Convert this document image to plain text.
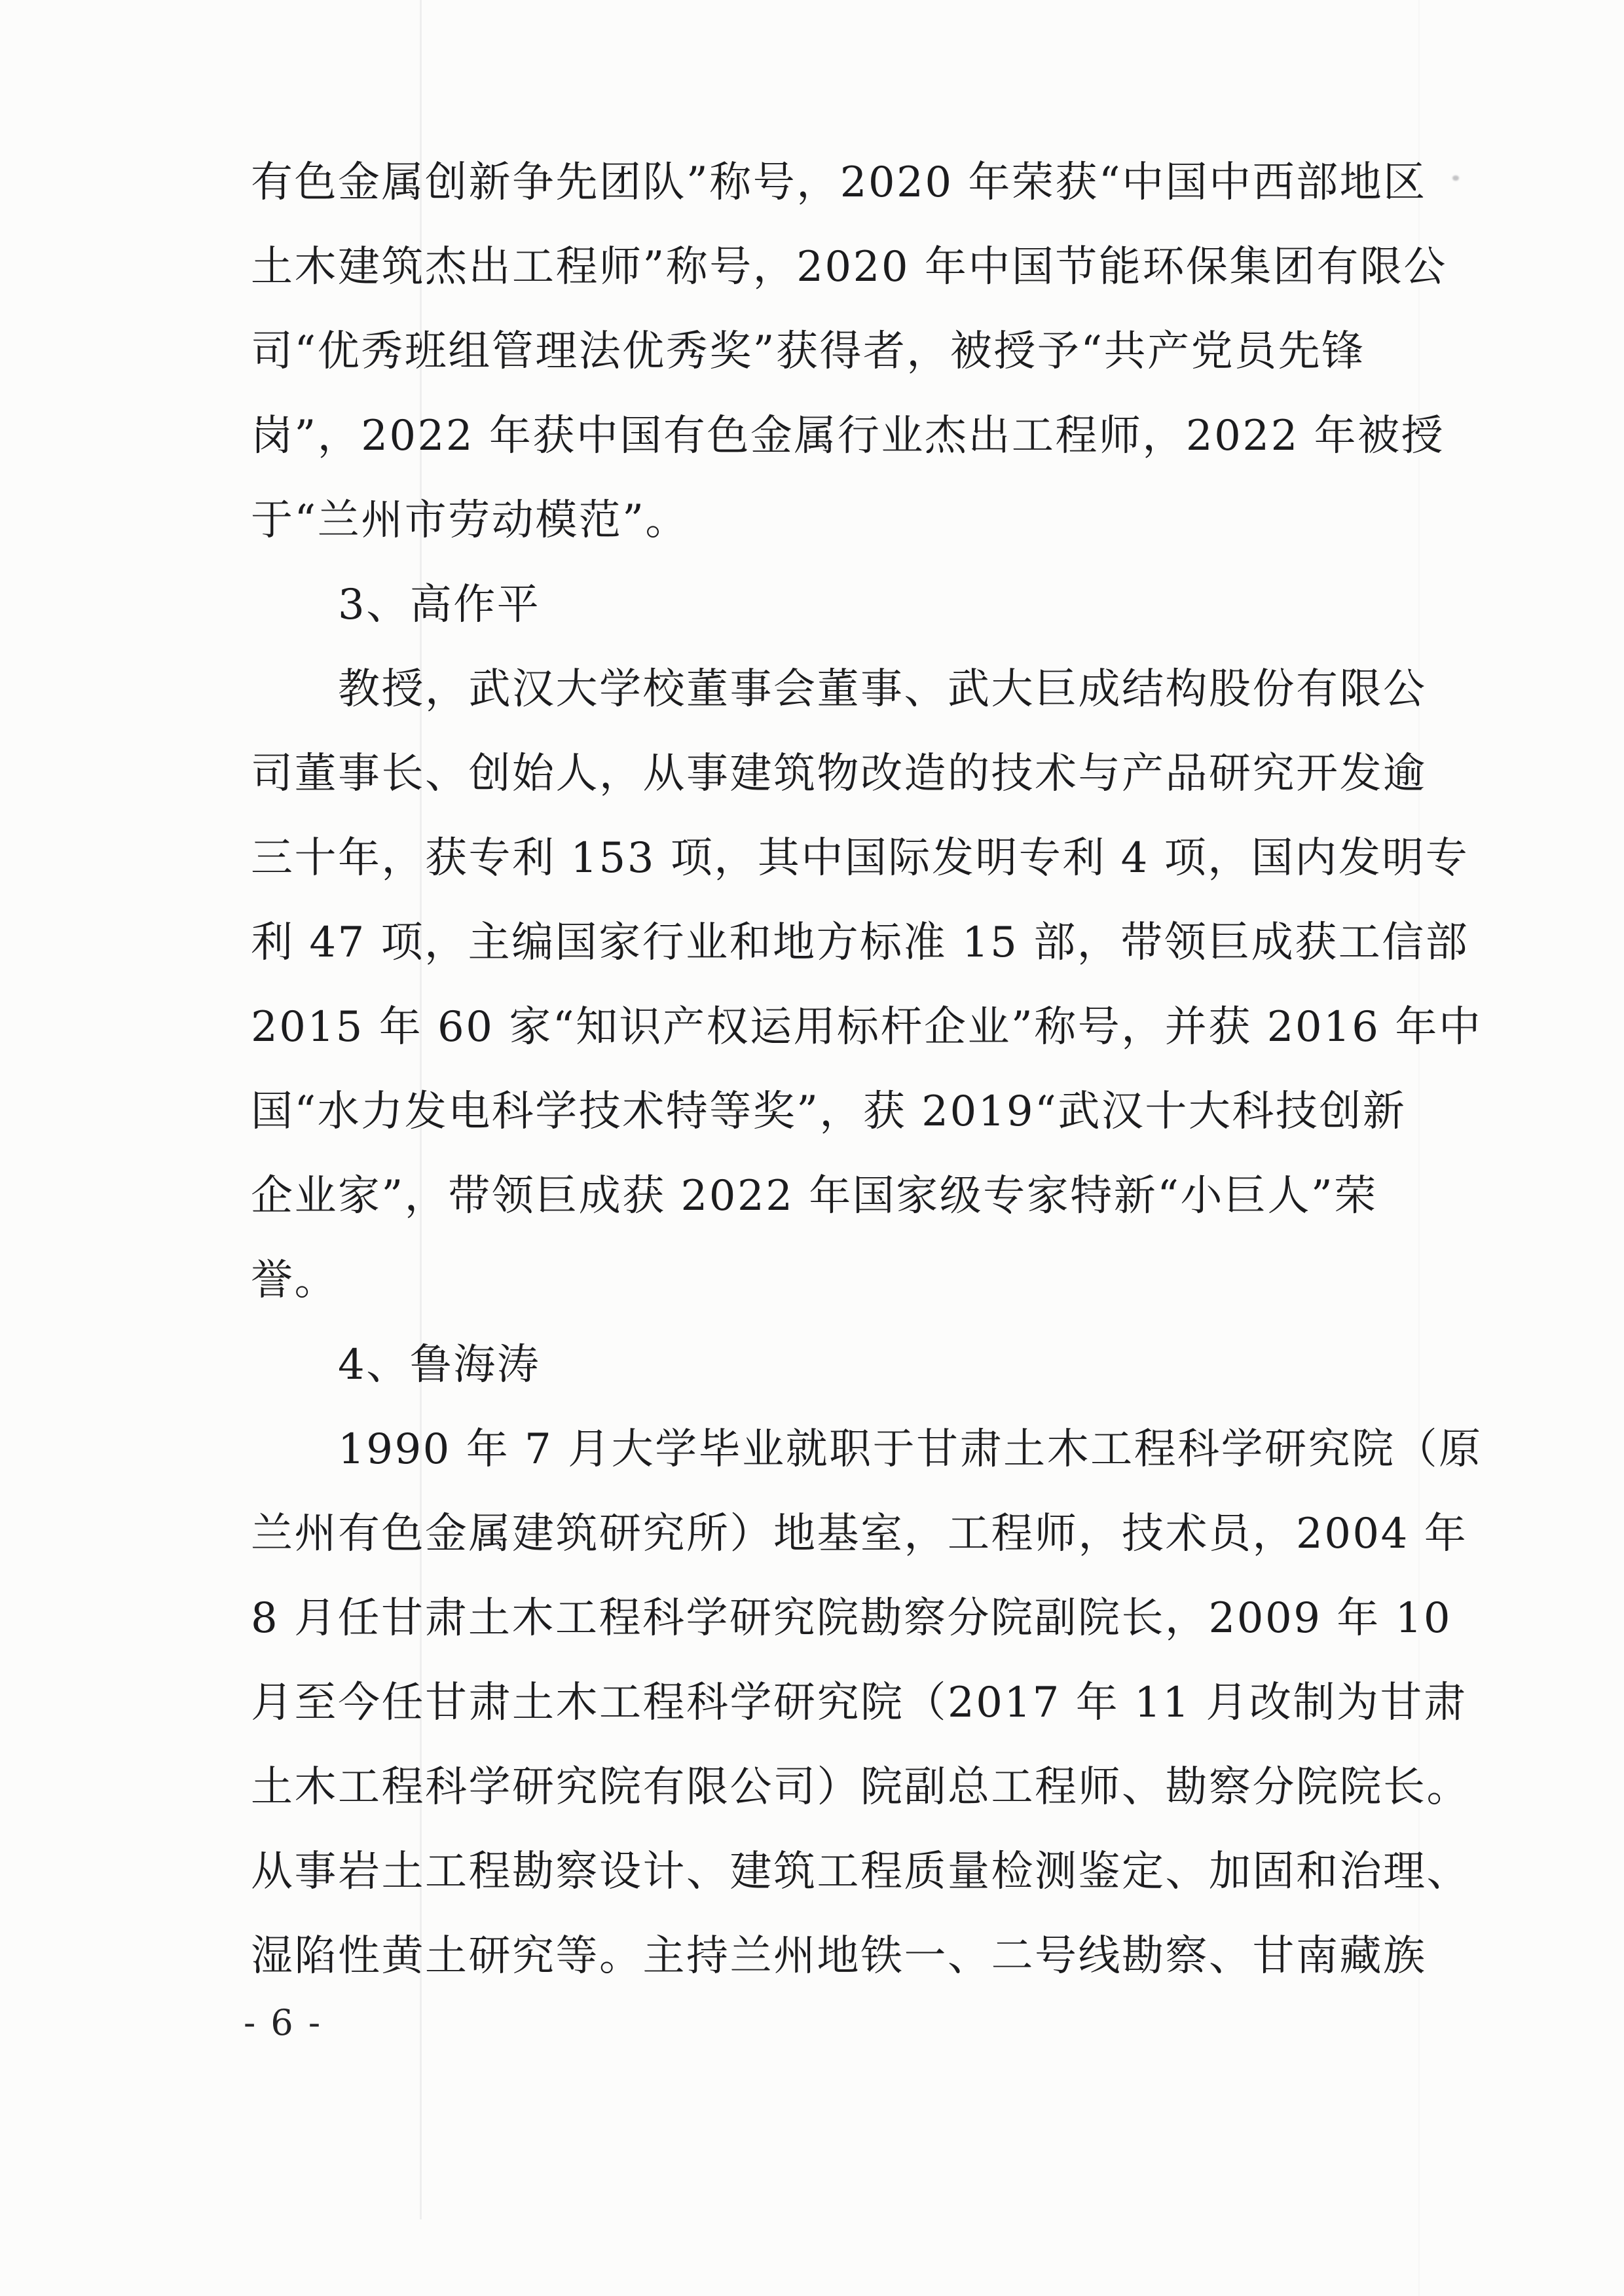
有色金属创新争先团队”称号，2020 年荣获“中国中西部地区
土木建筑杰出工程师”称号，2020 年中国节能环保集团有限公
司“优秀班组管理法优秀奖”获得者，被授予“共产党员先锋
岗”，2022 年获中国有色金属行业杰出工程师，2022 年被授
于“兰州市劳动模范”。
3、高作平
教授，武汉大学校董事会董事、武大巨成结构股份有限公
司董事长、创始人，从事建筑物改造的技术与产品研究开发逾
三十年，获专利 153 项，其中国际发明专利 4 项，国内发明专
利 47 项，主编国家行业和地方标准 15 部，带领巨成获工信部
2015 年 60 家“知识产权运用标杆企业”称号，并获 2016 年中
国“水力发电科学技术特等奖”，获 2019“武汉十大科技创新
企业家”，带领巨成获 2022 年国家级专家特新“小巨人”荣
誉。
4、鲁海涛
1990 年 7 月大学毕业就职于甘肃土木工程科学研究院（原
兰州有色金属建筑研究所）地基室，工程师，技术员，2004 年
8 月任甘肃土木工程科学研究院勘察分院副院长，2009 年 10
月至今任甘肃土木工程科学研究院（2017 年 11 月改制为甘肃
土木工程科学研究院有限公司）院副总工程师、勘察分院院长。
从事岩土工程勘察设计、建筑工程质量检测鉴定、加固和治理、
湿陷性黄土研究等。主持兰州地铁一、二号线勘察、甘南藏族
- 6 -
